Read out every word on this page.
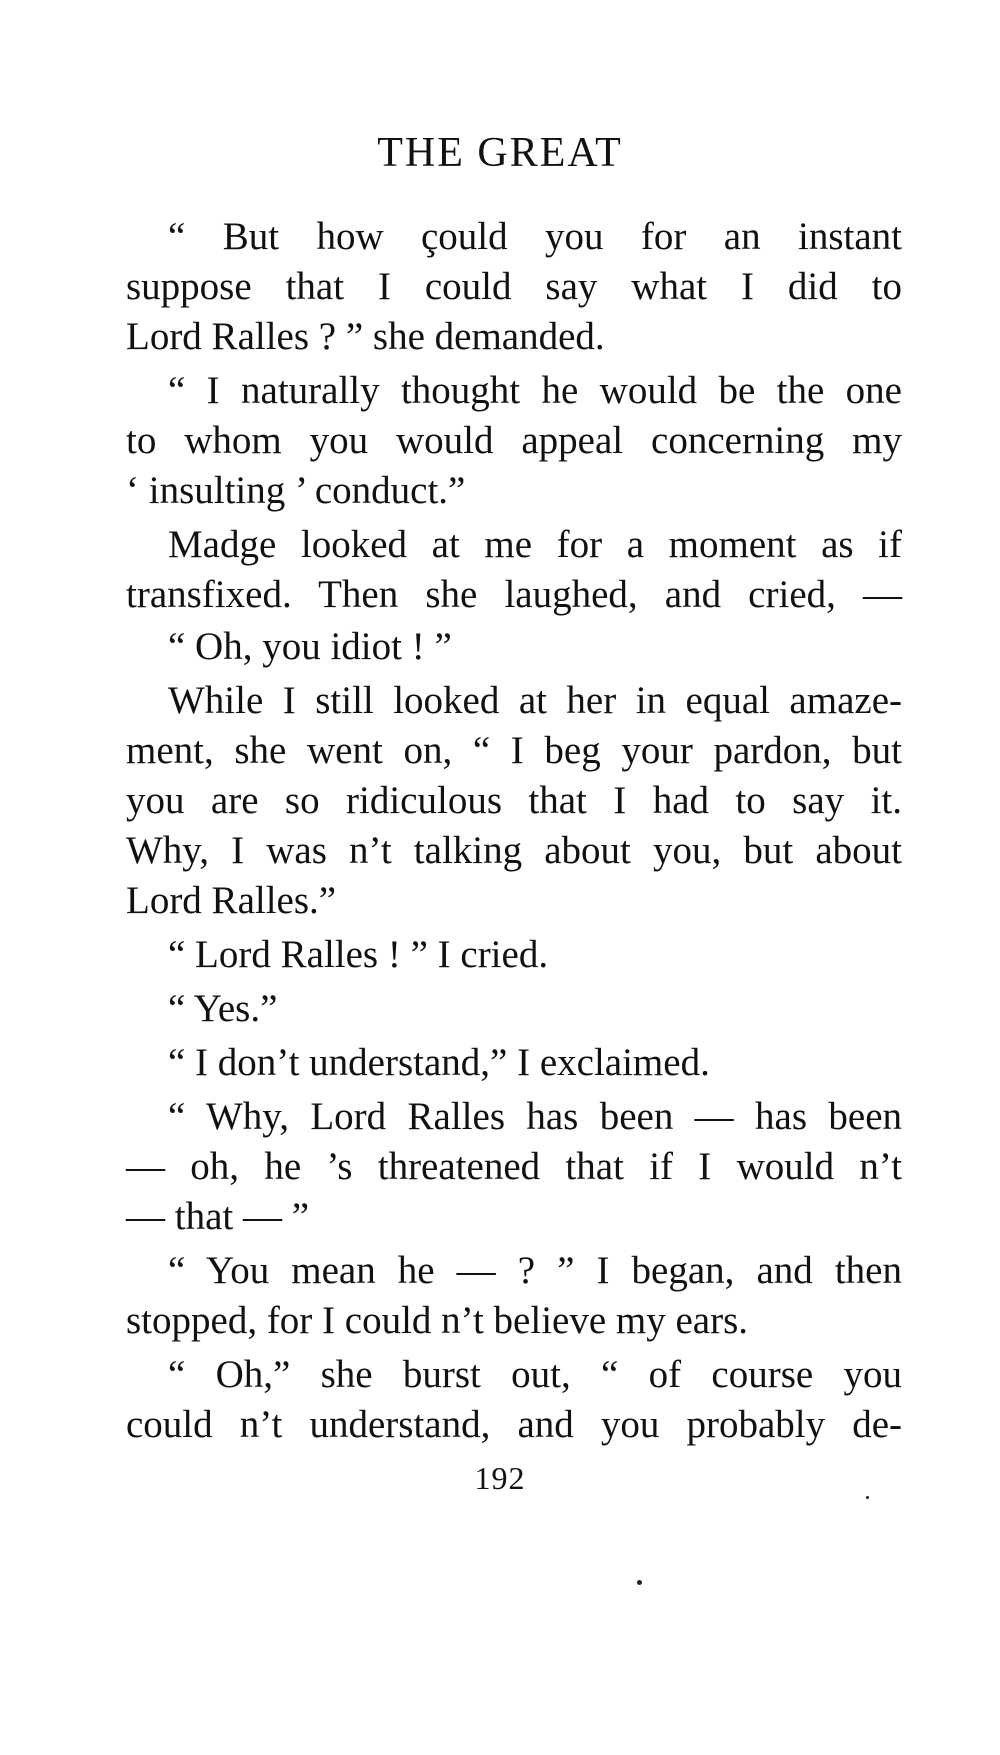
THE GREAT
“ But how çould you for an instant
suppose that I could say what I did to
Lord Ralles ? ” she demanded.
“ I naturally thought he would be the one
to whom you would appeal concerning my
‘ insulting ’ conduct.”
Madge looked at me for a moment as if
transfixed. Then she laughed, and cried, —
“ Oh, you idiot ! ”
While I still looked at her in equal amaze-
ment, she went on, “ I beg your pardon, but
you are so ridiculous that I had to say it.
Why, I was n’t talking about you, but about
Lord Ralles.”
“ Lord Ralles ! ” I cried.
“ Yes.”
“ I don’t understand,” I exclaimed.
“ Why, Lord Ralles has been — has been
— oh, he ’s threatened that if I would n’t
— that — ”
“ You mean he — ? ” I began, and then
stopped, for I could n’t believe my ears.
“ Oh,” she burst out, “ of course you
could n’t understand, and you probably de-
192
